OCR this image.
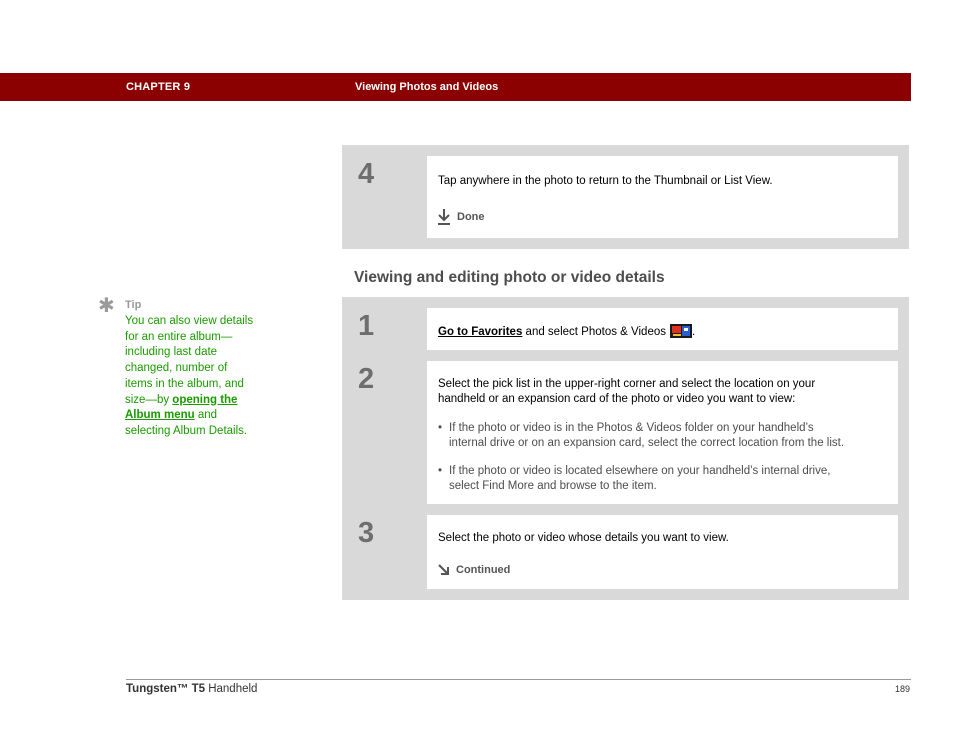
CHAPTER 9	Viewing Photos and Videos
4	Tap anywhere in the photo to return to the Thumbnail or List View.
Done
Viewing and editing photo or video details
✱ Tip
You can also view details
for an entire album—
including last date
changed, number of
items in the album, and
size—by opening the
Album menu and
selecting Album Details.
1	Go to Favorites and select Photos & Videos .
2	Select the pick list in the upper-right corner and select the location on your
handheld or an expansion card of the photo or video you want to view:
• If the photo or video is in the Photos & Videos folder on your handheld’s
internal drive or on an expansion card, select the correct location from the list.
• If the photo or video is located elsewhere on your handheld’s internal drive,
select Find More and browse to the item.
3	Select the photo or video whose details you want to view.
Continued
Tungsten™ T5 Handheld	189
